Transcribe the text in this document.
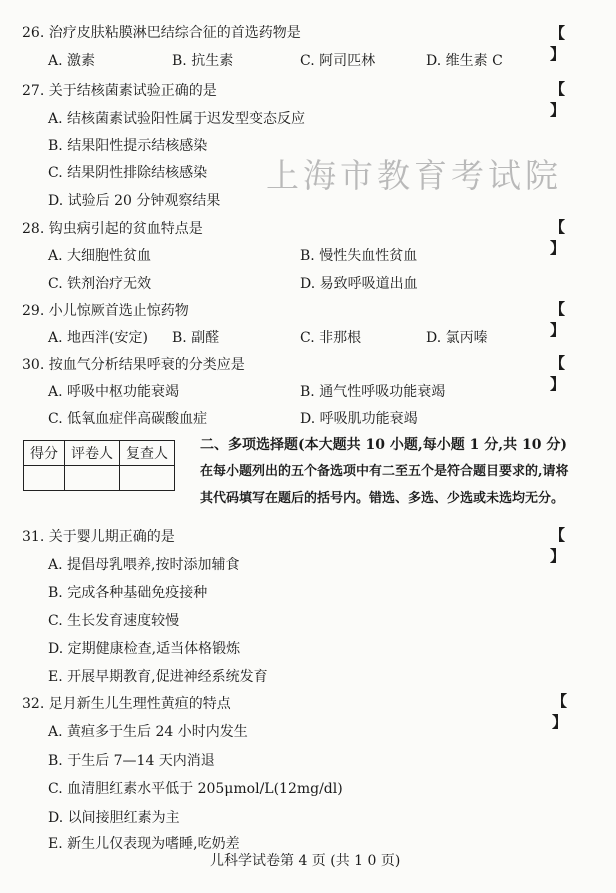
上海市教育考试院
26. 治疗皮肤粘膜淋巴结综合征的首选药物是	【 】
A. 激素	B. 抗生素	C. 阿司匹林	D. 维生素 C
27. 关于结核菌素试验正确的是	【 】
A. 结核菌素试验阳性属于迟发型变态反应
B. 结果阳性提示结核感染
C. 结果阴性排除结核感染
D. 试验后 20 分钟观察结果
28. 钩虫病引起的贫血特点是	【 】
A. 大细胞性贫血	B. 慢性失血性贫血
C. 铁剂治疗无效	D. 易致呼吸道出血
29. 小儿惊厥首选止惊药物	【 】
A. 地西泮(安定) B. 副醛	C. 非那根	D. 氯丙嗪
30. 按血气分析结果呼衰的分类应是	【 】
A. 呼吸中枢功能衰竭	B. 通气性呼吸功能衰竭
C. 低氧血症伴高碳酸血症	D. 呼吸肌功能衰竭
得分	评卷人	复查人

二、多项选择题(本大题共 10 小题,每小题 1 分,共 10 分)
在每小题列出的五个备选项中有二至五个是符合题目要求的,请将
其代码填写在题后的括号内。错选、多选、少选或未选均无分。
31. 关于婴儿期正确的是	【 】
A. 提倡母乳喂养,按时添加辅食
B. 完成各种基础免疫接种
C. 生长发育速度较慢
D. 定期健康检查,适当体格锻炼
E. 开展早期教育,促进神经系统发育
32. 足月新生儿生理性黄疸的特点	【 】
A. 黄疸多于生后 24 小时内发生
B. 于生后 7—14 天内消退
C. 血清胆红素水平低于 205μmol/L(12mg/dl)
D. 以间接胆红素为主
E. 新生儿仅表现为嗜睡,吃奶差
儿科学试卷第 4 页 (共 1 0 页)
